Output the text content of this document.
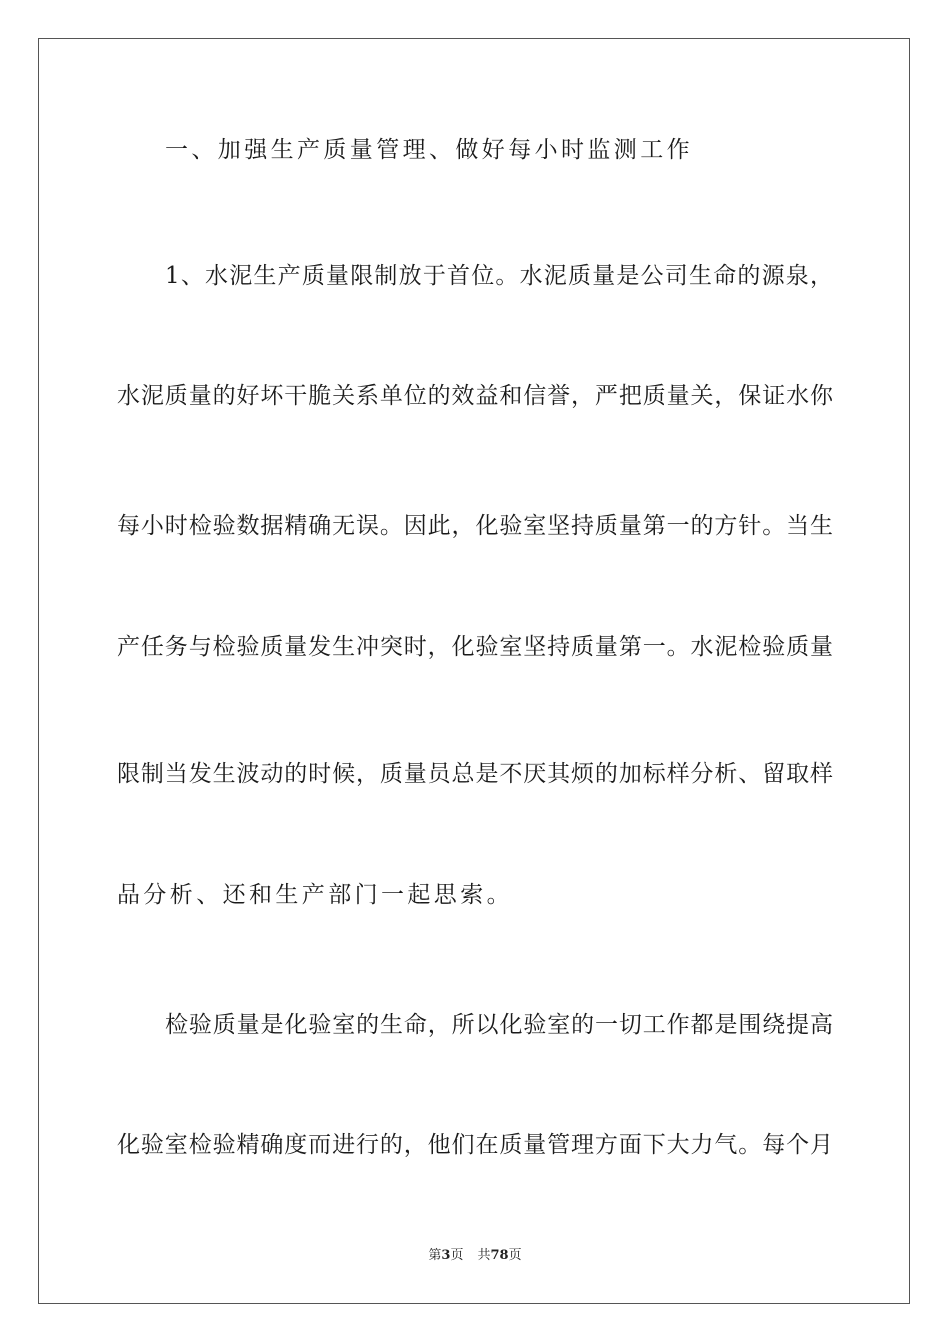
一、加强生产质量管理、做好每小时监测工作
1、水泥生产质量限制放于首位。水泥质量是公司生命的源泉，
水泥质量的好坏干脆关系单位的效益和信誉，严把质量关，保证水你
每小时检验数据精确无误。因此，化验室坚持质量第一的方针。当生
产任务与检验质量发生冲突时，化验室坚持质量第一。水泥检验质量
限制当发生波动的时候，质量员总是不厌其烦的加标样分析、留取样
品分析、还和生产部门一起思索。
检验质量是化验室的生命，所以化验室的一切工作都是围绕提高
化验室检验精确度而进行的，他们在质量管理方面下大力气。每个月
第3页 共78页
